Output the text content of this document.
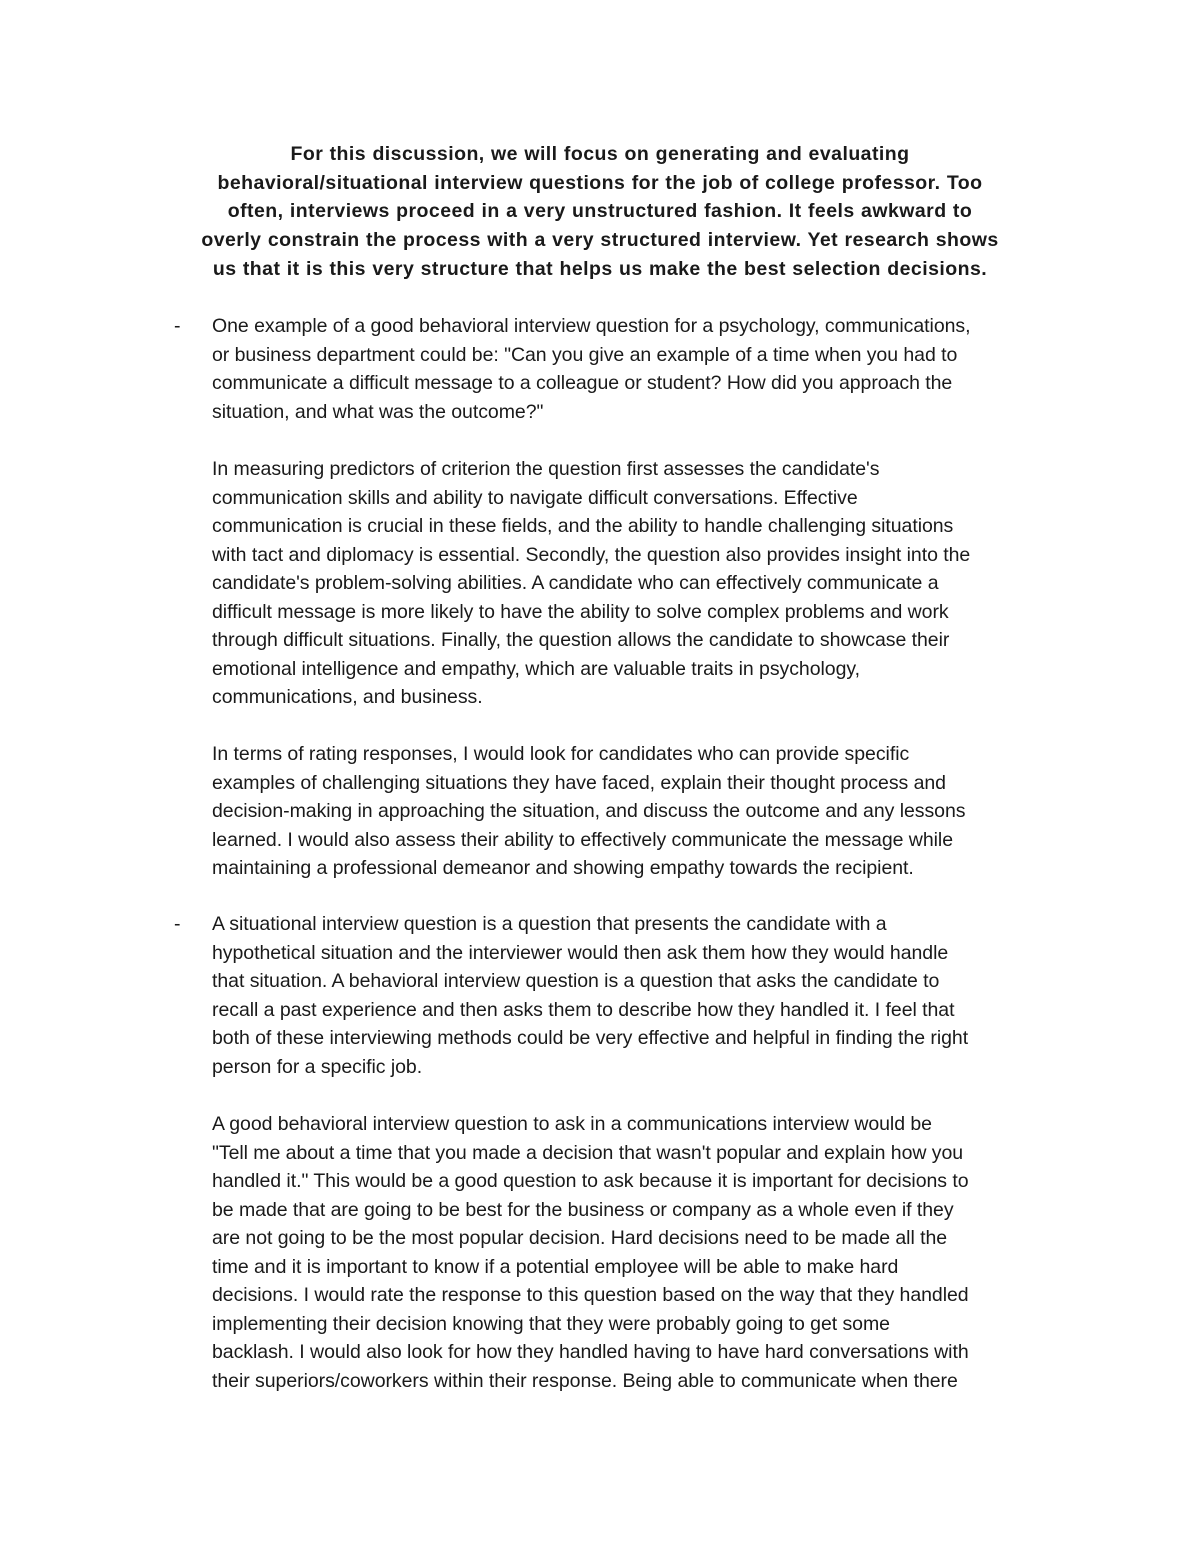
For this discussion, we will focus on generating and evaluating
behavioral/situational interview questions for the job of college professor. Too
often, interviews proceed in a very unstructured fashion. It feels awkward to
overly constrain the process with a very structured interview. Yet research shows
us that it is this very structure that helps us make the best selection decisions.
- One example of a good behavioral interview question for a psychology, communications,
or business department could be: "Can you give an example of a time when you had to
communicate a difficult message to a colleague or student? How did you approach the
situation, and what was the outcome?"
In measuring predictors of criterion the question first assesses the candidate's
communication skills and ability to navigate difficult conversations. Effective
communication is crucial in these fields, and the ability to handle challenging situations
with tact and diplomacy is essential. Secondly, the question also provides insight into the
candidate's problem-solving abilities. A candidate who can effectively communicate a
difficult message is more likely to have the ability to solve complex problems and work
through difficult situations. Finally, the question allows the candidate to showcase their
emotional intelligence and empathy, which are valuable traits in psychology,
communications, and business.
In terms of rating responses, I would look for candidates who can provide specific
examples of challenging situations they have faced, explain their thought process and
decision-making in approaching the situation, and discuss the outcome and any lessons
learned. I would also assess their ability to effectively communicate the message while
maintaining a professional demeanor and showing empathy towards the recipient.
- A situational interview question is a question that presents the candidate with a
hypothetical situation and the interviewer would then ask them how they would handle
that situation. A behavioral interview question is a question that asks the candidate to
recall a past experience and then asks them to describe how they handled it. I feel that
both of these interviewing methods could be very effective and helpful in finding the right
person for a specific job.
A good behavioral interview question to ask in a communications interview would be
"Tell me about a time that you made a decision that wasn't popular and explain how you
handled it." This would be a good question to ask because it is important for decisions to
be made that are going to be best for the business or company as a whole even if they
are not going to be the most popular decision. Hard decisions need to be made all the
time and it is important to know if a potential employee will be able to make hard
decisions. I would rate the response to this question based on the way that they handled
implementing their decision knowing that they were probably going to get some
backlash. I would also look for how they handled having to have hard conversations with
their superiors/coworkers within their response. Being able to communicate when there
